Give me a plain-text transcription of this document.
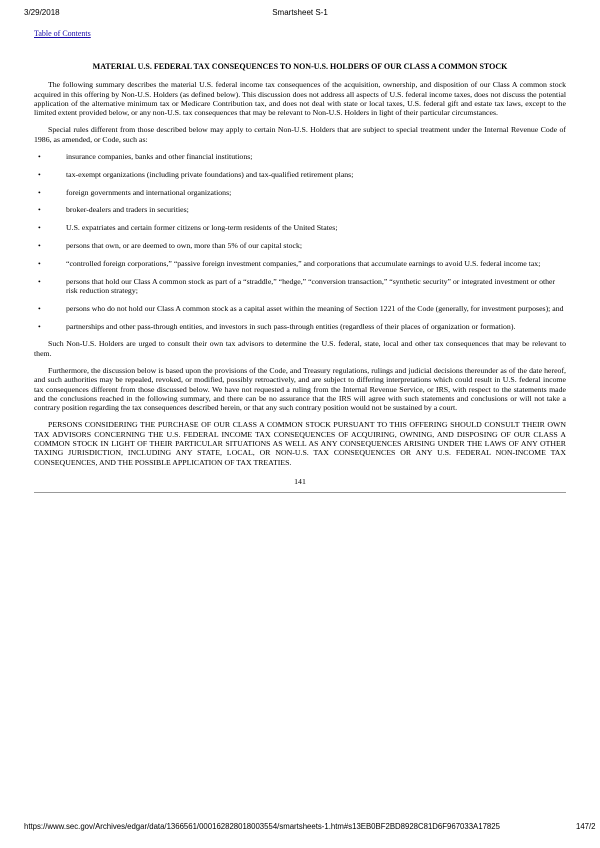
3/29/2018	Smartsheet S-1
Table of Contents
MATERIAL U.S. FEDERAL TAX CONSEQUENCES TO NON-U.S. HOLDERS OF OUR CLASS A COMMON STOCK

The following summary describes the material U.S. federal income tax consequences of the acquisition, ownership, and disposition of our Class A common stock acquired in this offering by Non-U.S. Holders (as defined below). This discussion does not address all aspects of U.S. federal income taxes, does not discuss the potential application of the alternative minimum tax or Medicare Contribution tax, and does not deal with state or local taxes, U.S. federal gift and estate tax laws, except to the limited extent provided below, or any non-U.S. tax consequences that may be relevant to Non-U.S. Holders in light of their particular circumstances.

Special rules different from those described below may apply to certain Non-U.S. Holders that are subject to special treatment under the Internal Revenue Code of 1986, as amended, or Code, such as:

•	insurance companies, banks and other financial institutions;
•	tax-exempt organizations (including private foundations) and tax-qualified retirement plans;
•	foreign governments and international organizations;
•	broker-dealers and traders in securities;
•	U.S. expatriates and certain former citizens or long-term residents of the United States;
•	persons that own, or are deemed to own, more than 5% of our capital stock;
•	“controlled foreign corporations,” “passive foreign investment companies,” and corporations that accumulate earnings to avoid U.S. federal income tax;
•	persons that hold our Class A common stock as part of a “straddle,” “hedge,” “conversion transaction,” “synthetic security” or integrated investment or other risk reduction strategy;
•	persons who do not hold our Class A common stock as a capital asset within the meaning of Section 1221 of the Code (generally, for investment purposes); and
•	partnerships and other pass-through entities, and investors in such pass-through entities (regardless of their places of organization or formation).

Such Non-U.S. Holders are urged to consult their own tax advisors to determine the U.S. federal, state, local and other tax consequences that may be relevant to them.

Furthermore, the discussion below is based upon the provisions of the Code, and Treasury regulations, rulings and judicial decisions thereunder as of the date hereof, and such authorities may be repealed, revoked, or modified, possibly retroactively, and are subject to differing interpretations which could result in U.S. federal income tax consequences different from those discussed below. We have not requested a ruling from the Internal Revenue Service, or IRS, with respect to the statements made and the conclusions reached in the following summary, and there can be no assurance that the IRS will agree with such statements and conclusions or will not take a contrary position regarding the tax consequences described herein, or that any such contrary position would not be sustained by a court.

PERSONS CONSIDERING THE PURCHASE OF OUR CLASS A COMMON STOCK PURSUANT TO THIS OFFERING SHOULD CONSULT THEIR OWN TAX ADVISORS CONCERNING THE U.S. FEDERAL INCOME TAX CONSEQUENCES OF ACQUIRING, OWNING, AND DISPOSING OF OUR CLASS A COMMON STOCK IN LIGHT OF THEIR PARTICULAR SITUATIONS AS WELL AS ANY CONSEQUENCES ARISING UNDER THE LAWS OF ANY OTHER TAXING JURISDICTION, INCLUDING ANY STATE, LOCAL, OR NON-U.S. TAX CONSEQUENCES OR ANY U.S. FEDERAL NON-INCOME TAX CONSEQUENCES, AND THE POSSIBLE APPLICATION OF TAX TREATIES.

141
https://www.sec.gov/Archives/edgar/data/1366561/000162828018003554/smartsheets-1.htm#s13EB0BF2BD8928C81D6F967033A17825	147/2
